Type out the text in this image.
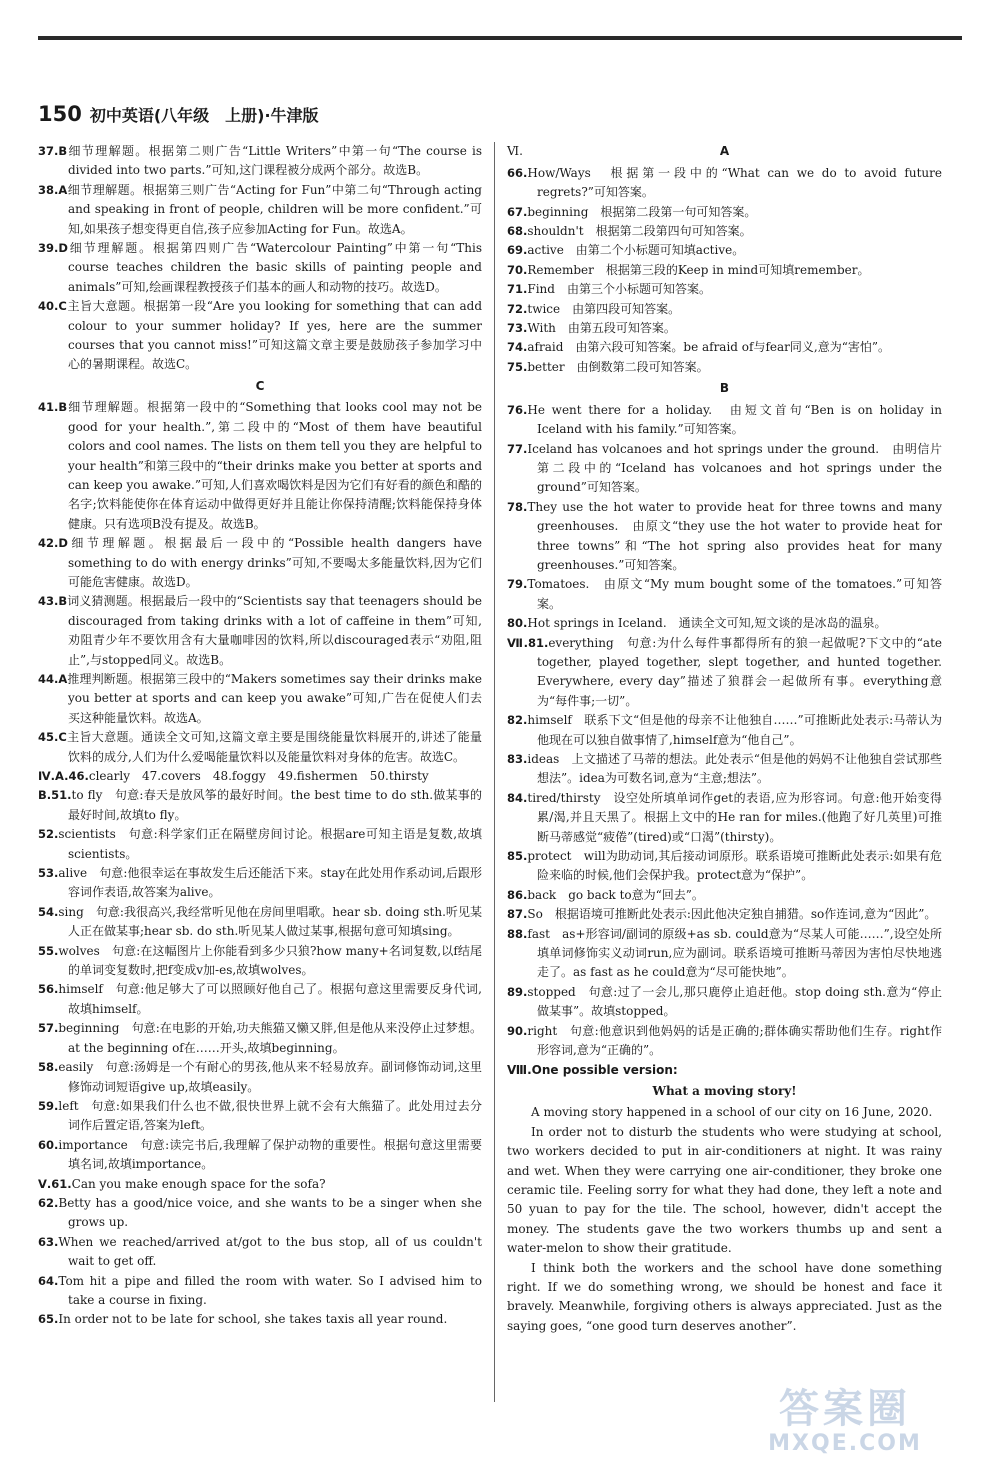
150 初中英语(八年级　上册)·牛津版

37.B细节理解题。根据第二则广告“Little Writers”中第一句“The course is divided into two parts.”可知,这门课程被分成两个部分。故选B。

38.A细节理解题。根据第三则广告“Acting for Fun”中第二句“Through acting and speaking in front of people, children will be more confident.”可知,如果孩子想变得更自信,孩子应参加Acting for Fun。故选A。

39.D细节理解题。根据第四则广告“Watercolour Painting”中第一句“This course teaches children the basic skills of painting people and animals”可知,绘画课程教授孩子们基本的画人和动物的技巧。故选D。

40.C主旨大意题。根据第一段“Are you looking for something that can add colour to your summer holiday? If yes, here are the summer courses that you cannot miss!”可知这篇文章主要是鼓励孩子参加学习中心的暑期课程。故选C。

C

41.B细节理解题。根据第一段中的“Something that looks cool may not be good for your health.”,第二段中的“Most of them have beautiful colors and cool names. The lists on them tell you they are helpful to your health”和第三段中的“their drinks make you better at sports and can keep you awake.”可知,人们喜欢喝饮料是因为它们有好看的颜色和酷的名字;饮料能使你在体育运动中做得更好并且能让你保持清醒;饮料能保持身体健康。只有选项B没有提及。故选B。

42.D细节理解题。根据最后一段中的“Possible health dangers have something to do with energy drinks”可知,不要喝太多能量饮料,因为它们可能危害健康。故选D。

43.B词义猜测题。根据最后一段中的“Scientists say that teenagers should be discouraged from taking drinks with a lot of caffeine in them”可知,劝阻青少年不要饮用含有大量咖啡因的饮料,所以discouraged表示“劝阻,阻止”,与stopped同义。故选B。

44.A推理判断题。根据第三段中的“Makers sometimes say their drinks make you better at sports and can keep you awake”可知,广告在促使人们去买这种能量饮料。故选A。

45.C主旨大意题。通读全文可知,这篇文章主要是围绕能量饮料展开的,讲述了能量饮料的成分,人们为什么爱喝能量饮料以及能量饮料对身体的危害。故选C。

Ⅳ.A.46.clearly　47.covers　48.foggy　49.fishermen　50.thirsty

B.51.to fly　句意:春天是放风筝的最好时间。the best time to do sth.做某事的最好时间,故填to fly。

52.scientists　句意:科学家们正在隔壁房间讨论。根据are可知主语是复数,故填scientists。

53.alive　句意:他很幸运在事故发生后还能活下来。stay在此处用作系动词,后跟形容词作表语,故答案为alive。

54.sing　句意:我很高兴,我经常听见他在房间里唱歌。hear sb. doing sth.听见某人正在做某事;hear sb. do sth.听见某人做过某事,根据句意可知填sing。

55.wolves　句意:在这幅图片上你能看到多少只狼?how many+名词复数,以f结尾的单词变复数时,把f变成v加-es,故填wolves。

56.himself　句意:他足够大了可以照顾好他自己了。根据句意这里需要反身代词,故填himself。

57.beginning　句意:在电影的开始,功夫熊猫又懒又胖,但是他从来没停止过梦想。at the beginning of在……开头,故填beginning。

58.easily　句意:汤姆是一个有耐心的男孩,他从来不轻易放弃。副词修饰动词,这里修饰动词短语give up,故填easily。

59.left　句意:如果我们什么也不做,很快世界上就不会有大熊猫了。此处用过去分词作后置定语,答案为left。

60.importance　句意:读完书后,我理解了保护动物的重要性。根据句意这里需要填名词,故填importance。

Ⅴ.61.Can you make enough space for the sofa?

62.Betty has a good/nice voice, and she wants to be a singer when she grows up.

63.When we reached/arrived at/got to the bus stop, all of us couldn't wait to get off.

64.Tom hit a pipe and filled the room with water. So I advised him to take a course in fixing.

65.In order not to be late for school, she takes taxis all year round.

Ⅵ.	A

66.How/Ways　根据第一段中的“What can we do to avoid future regrets?”可知答案。

67.beginning　根据第二段第一句可知答案。

68.shouldn't　根据第二段第四句可知答案。

69.active　由第二个小标题可知填active。

70.Remember　根据第三段的Keep in mind可知填remember。

71.Find　由第三个小标题可知答案。

72.twice　由第四段可知答案。

73.With　由第五段可知答案。

74.afraid　由第六段可知答案。be afraid of与fear同义,意为“害怕”。

75.better　由倒数第二段可知答案。

B

76.He went there for a holiday.　由短文首句“Ben is on holiday in Iceland with his family.”可知答案。

77.Iceland has volcanoes and hot springs under the ground.　由明信片第二段中的“Iceland has volcanoes and hot springs under the ground”可知答案。

78.They use the hot water to provide heat for three towns and many greenhouses.　由原文“they use the hot water to provide heat for three towns”和“The hot spring also provides heat for many greenhouses.”可知答案。

79.Tomatoes.　由原文“My mum bought some of the tomatoes.”可知答案。

80.Hot springs in Iceland.　通读全文可知,短文谈的是冰岛的温泉。

Ⅶ.81.everything　句意:为什么每件事都得所有的狼一起做呢?下文中的“ate together, played together, slept together, and hunted together. Everywhere, every day”描述了狼群会一起做所有事。everything意为“每件事;一切”。

82.himself　联系下文“但是他的母亲不让他独自……”可推断此处表示:马蒂认为他现在可以独自做事情了,himself意为“他自己”。

83.ideas　上文描述了马蒂的想法。此处表示“但是他的妈妈不让他独自尝试那些想法”。idea为可数名词,意为“主意;想法”。

84.tired/thirsty　设空处所填单词作get的表语,应为形容词。句意:他开始变得累/渴,并且天黑了。根据上文中的He ran for miles.(他跑了好几英里)可推断马蒂感觉“疲倦”(tired)或“口渴”(thirsty)。

85.protect　will为助动词,其后接动词原形。联系语境可推断此处表示:如果有危险来临的时候,他们会保护我。protect意为“保护”。

86.back　go back to意为“回去”。

87.So　根据语境可推断此处表示:因此他决定独自捕猎。so作连词,意为“因此”。

88.fast　as+形容词/副词的原级+as sb. could意为“尽某人可能……”,设空处所填单词修饰实义动词run,应为副词。联系语境可推断马蒂因为害怕尽快地逃走了。as fast as he could意为“尽可能快地”。

89.stopped　句意:过了一会儿,那只鹿停止追赶他。stop doing sth.意为“停止做某事”。故填stopped。

90.right　句意:他意识到他妈妈的话是正确的;群体确实帮助他们生存。right作形容词,意为“正确的”。

Ⅷ.One possible version:
What a moving story!

A moving story happened in a school of our city on 16 June, 2020.

In order not to disturb the students who were studying at school, two workers decided to put in air-conditioners at night. It was rainy and wet. When they were carrying one air-conditioner, they broke one ceramic tile. Feeling sorry for what they had done, they left a note and 50 yuan to pay for the tile. The school, however, didn't accept the money. The students gave the two workers thumbs up and sent a water-melon to show their gratitude.

I think both the workers and the school have done something right. If we do something wrong, we should be honest and face it bravely. Meanwhile, forgiving others is always appreciated. Just as the saying goes, “one good turn deserves another”.

答案圈
MXQE.COM
